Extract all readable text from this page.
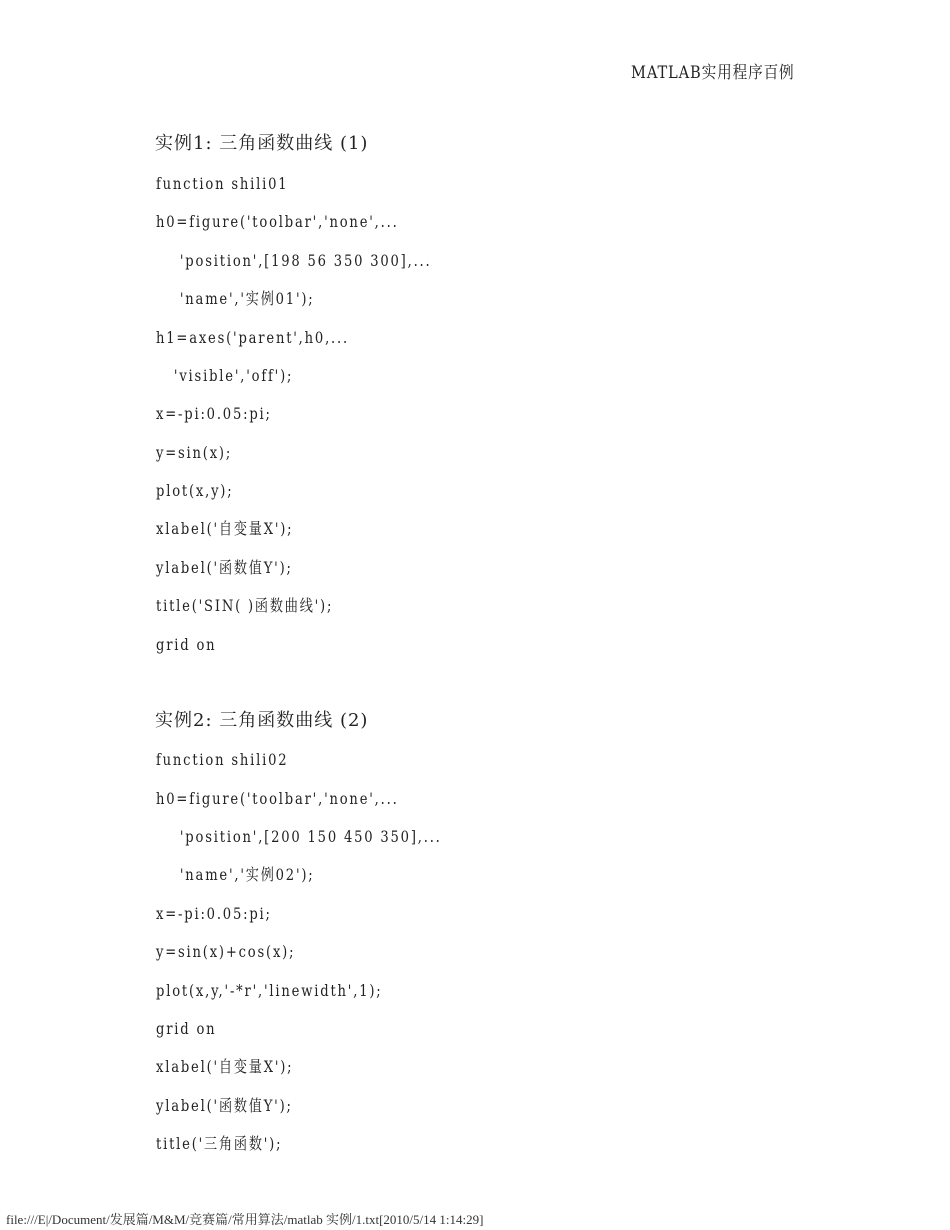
MATLAB实用程序百例
实例1: 三角函数曲线 (1)
function shili01
h0=figure('toolbar','none',...
'position',[198 56 350 300],...
'name','实例01');
h1=axes('parent',h0,...
'visible','off');
x=-pi:0.05:pi;
y=sin(x);
plot(x,y);
xlabel('自变量X');
ylabel('函数值Y');
title('SIN( )函数曲线');
grid on
实例2: 三角函数曲线 (2)
function shili02
h0=figure('toolbar','none',...
'position',[200 150 450 350],...
'name','实例02');
x=-pi:0.05:pi;
y=sin(x)+cos(x);
plot(x,y,'-*r','linewidth',1);
grid on
xlabel('自变量X');
ylabel('函数值Y');
title('三角函数');
file:///E|/Document/发展篇/M&M/竞赛篇/常用算法/matlab 实例/1.txt[2010/5/14 1:14:29]
